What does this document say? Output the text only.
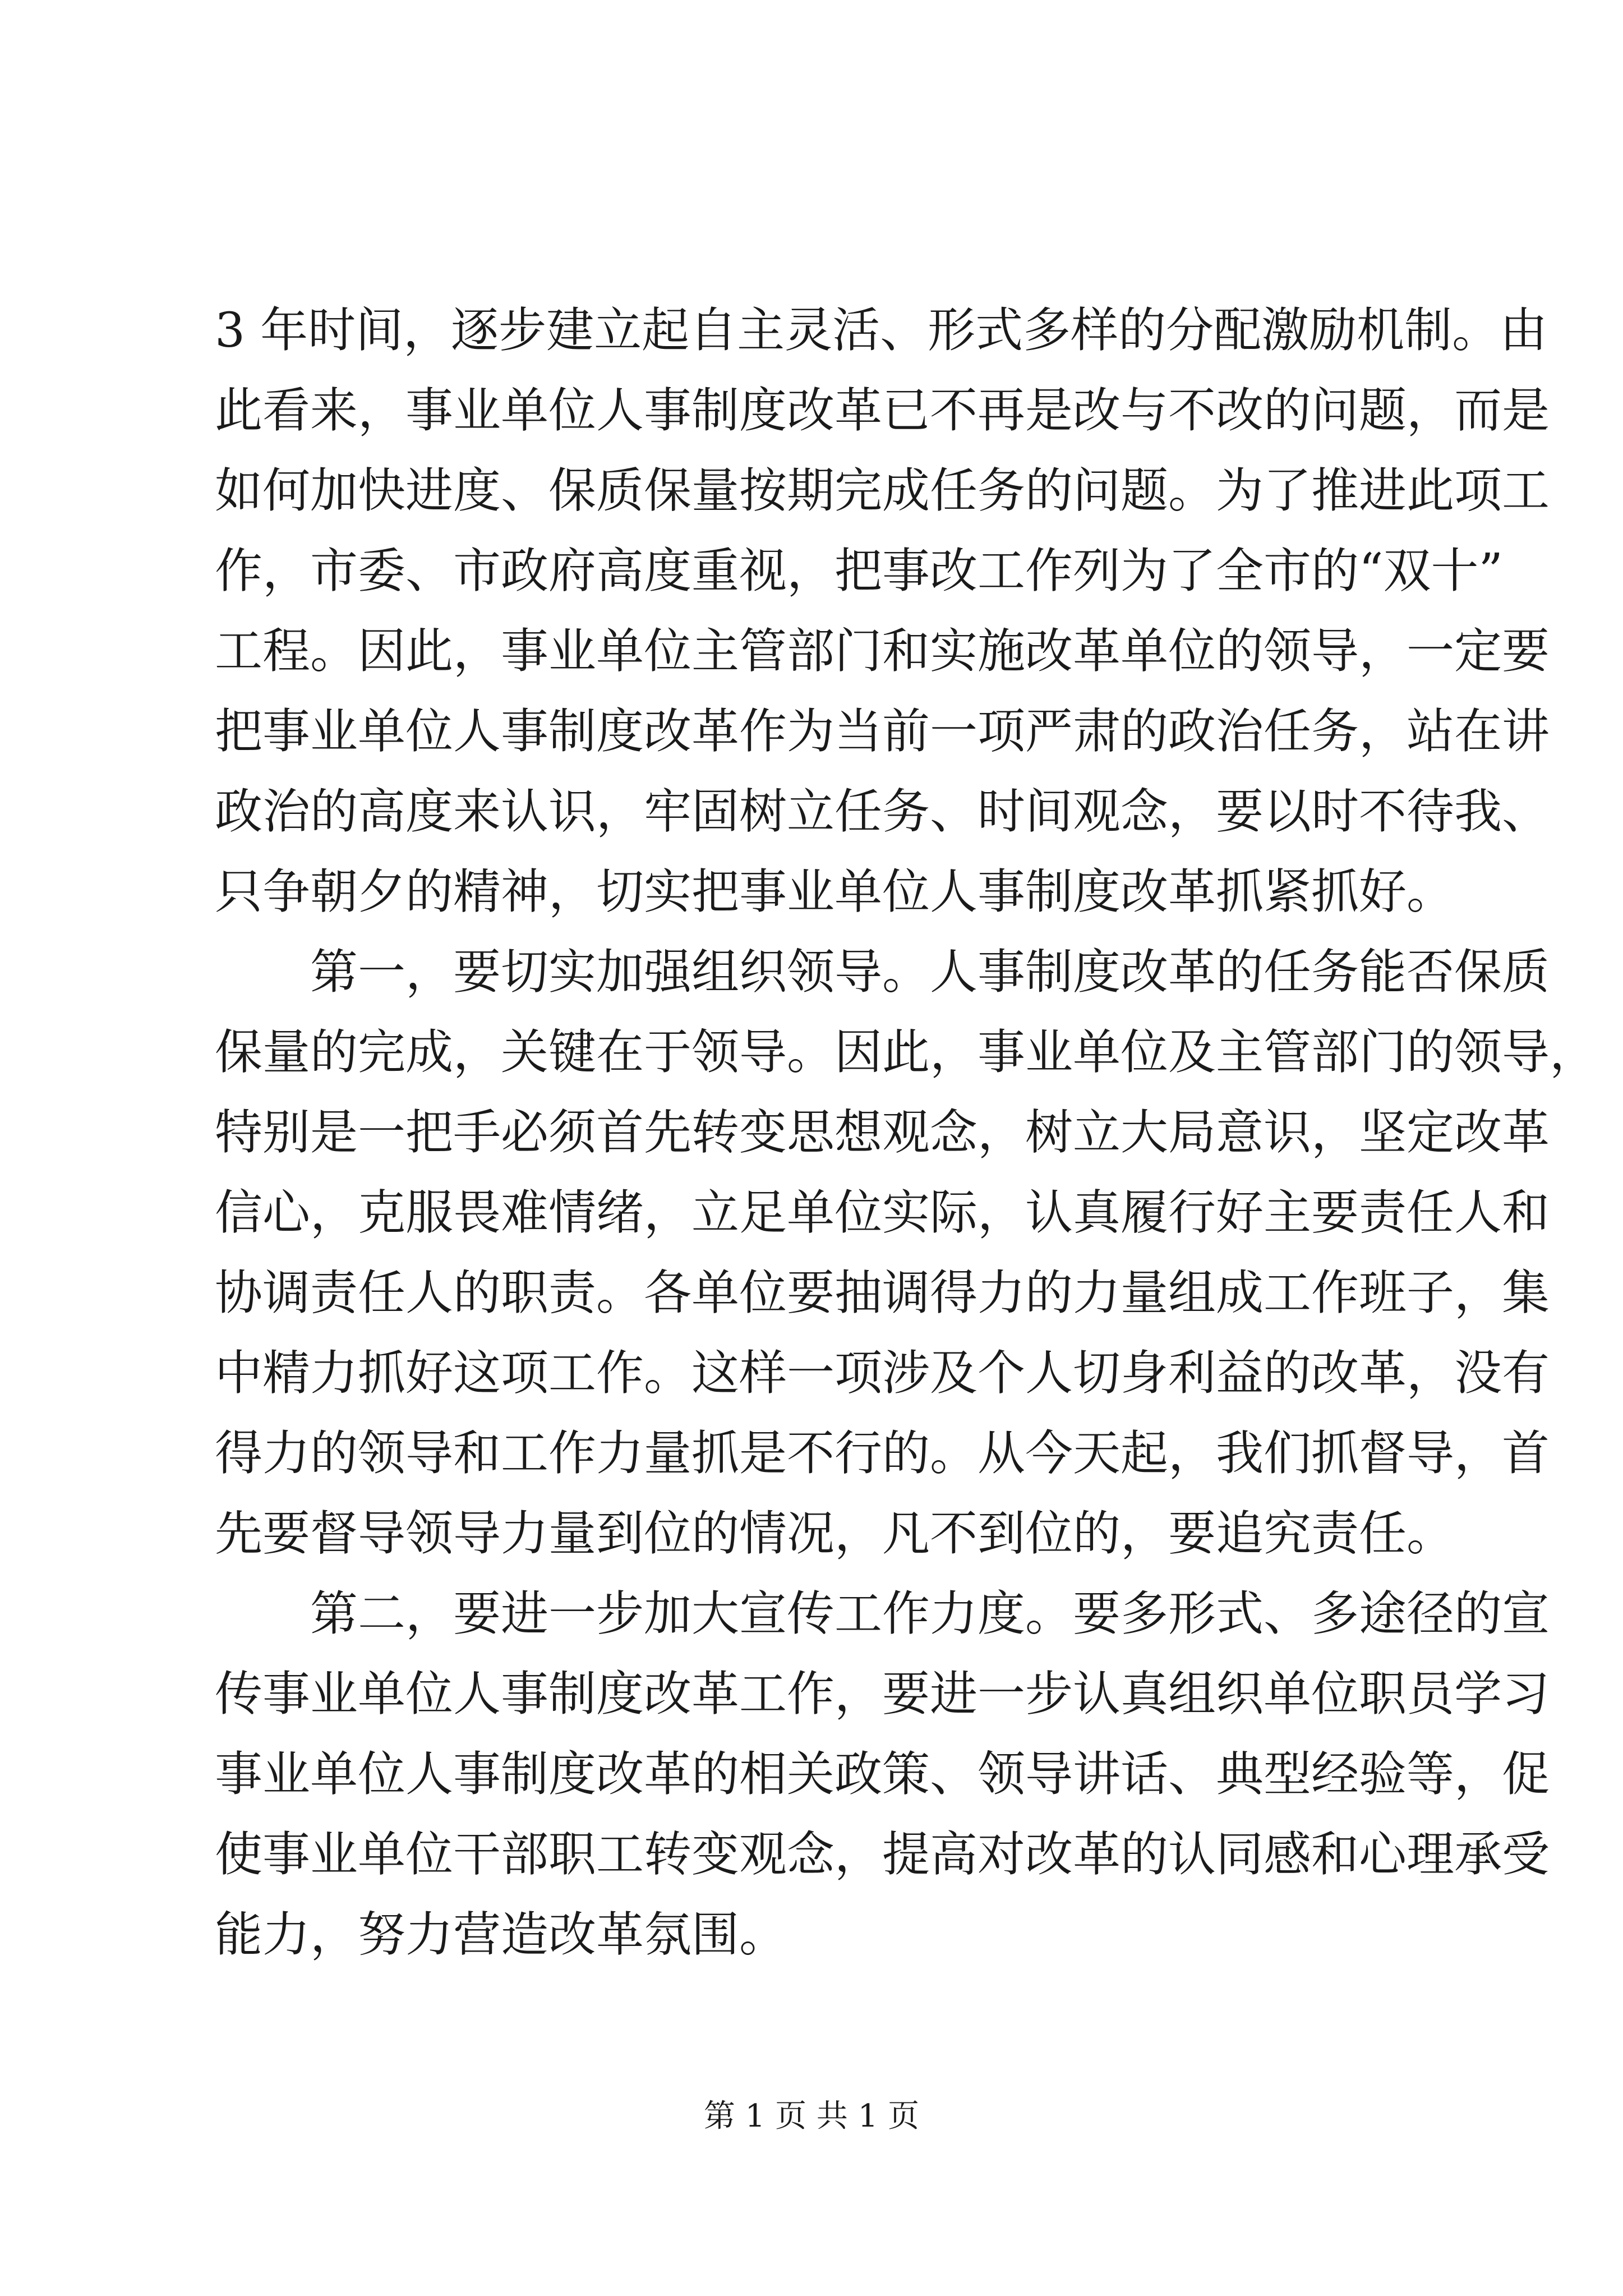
3 年时间，逐步建立起自主灵活、形式多样的分配激励机制。由
此看来，事业单位人事制度改革已不再是改与不改的问题，而是
如何加快进度、保质保量按期完成任务的问题。为了推进此项工
作，市委、市政府高度重视，把事改工作列为了全市的“双十”
工程。因此，事业单位主管部门和实施改革单位的领导，一定要
把事业单位人事制度改革作为当前一项严肃的政治任务，站在讲
政治的高度来认识，牢固树立任务、时间观念，要以时不待我、
只争朝夕的精神，切实把事业单位人事制度改革抓紧抓好。
第一，要切实加强组织领导。人事制度改革的任务能否保质
保量的完成，关键在于领导。因此，事业单位及主管部门的领导，
特别是一把手必须首先转变思想观念，树立大局意识，坚定改革
信心，克服畏难情绪，立足单位实际，认真履行好主要责任人和
协调责任人的职责。各单位要抽调得力的力量组成工作班子，集
中精力抓好这项工作。这样一项涉及个人切身利益的改革，没有
得力的领导和工作力量抓是不行的。从今天起，我们抓督导，首
先要督导领导力量到位的情况，凡不到位的，要追究责任。
第二，要进一步加大宣传工作力度。要多形式、多途径的宣
传事业单位人事制度改革工作，要进一步认真组织单位职员学习
事业单位人事制度改革的相关政策、领导讲话、典型经验等，促
使事业单位干部职工转变观念，提高对改革的认同感和心理承受
能力，努力营造改革氛围。
第 1 页 共 1 页
